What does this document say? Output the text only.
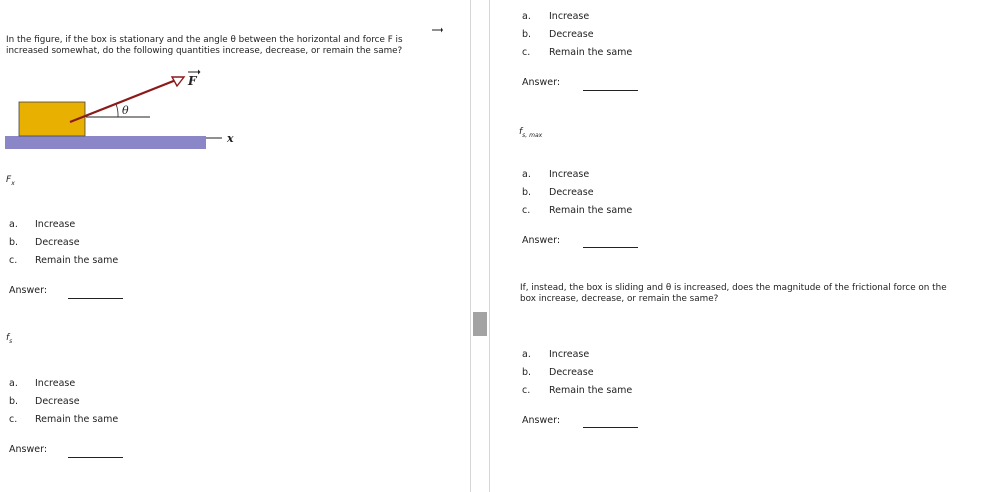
In the figure, if the box is stationary and the angle θ between the horizontal and force F is
increased somewhat, do the following quantities increase, decrease, or remain the same?
F
θ
x
$F_x$
a. Increase
b. Decrease
c. Remain the same
Answer:
$f_s$
a. Increase
b. Decrease
c. Remain the same
Answer:
a. Increase
b. Decrease
c. Remain the same
Answer:
$f_{s, max}$
a. Increase
b. Decrease
c. Remain the same
Answer:
If, instead, the box is sliding and θ is increased, does the magnitude of the frictional force on the
box increase, decrease, or remain the same?
a. Increase
b. Decrease
c. Remain the same
Answer:
